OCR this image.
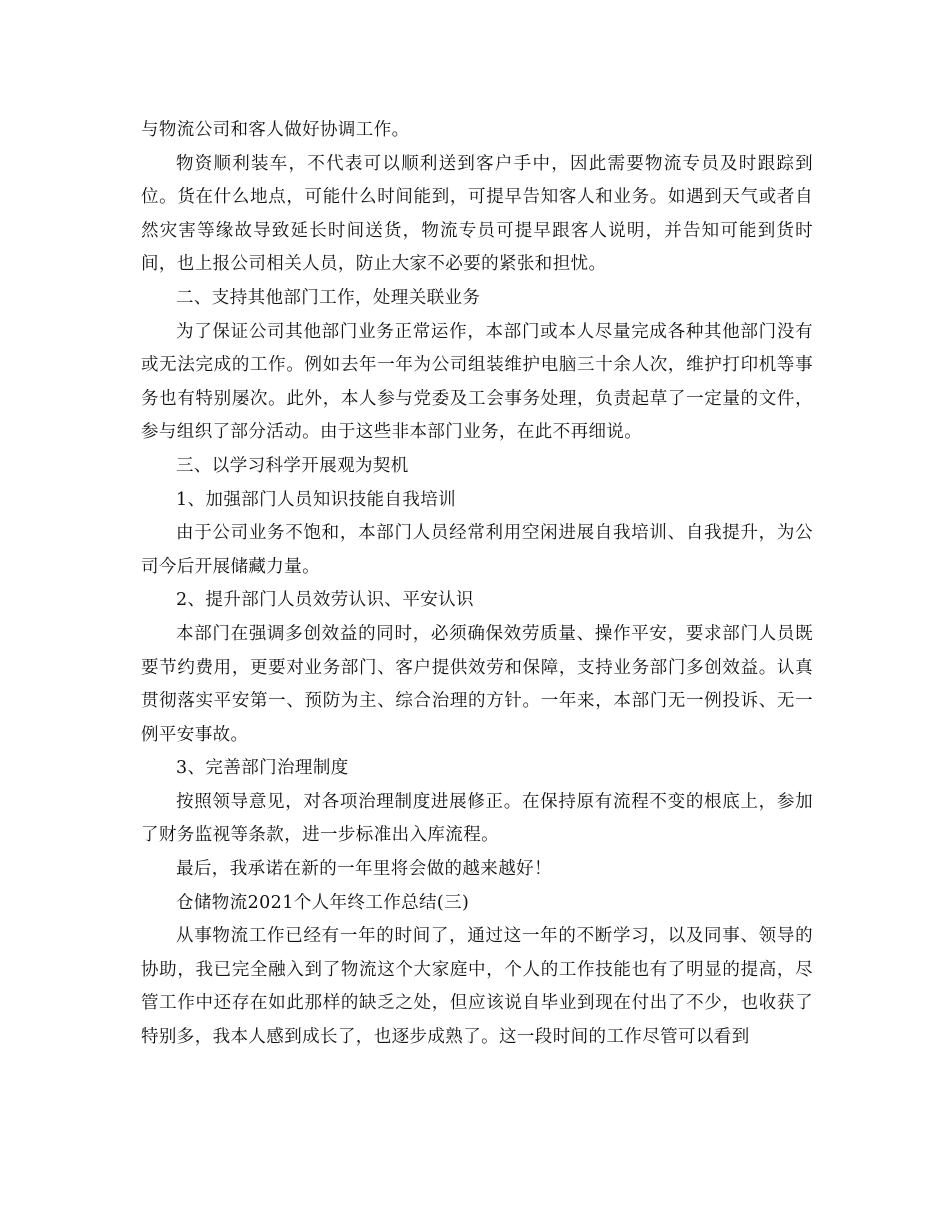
与物流公司和客人做好协调工作。

物资顺利装车，不代表可以顺利送到客户手中，因此需要物流专员及时跟踪到位。货在什么地点，可能什么时间能到，可提早告知客人和业务。如遇到天气或者自然灾害等缘故导致延长时间送货，物流专员可提早跟客人说明，并告知可能到货时间，也上报公司相关人员，防止大家不必要的紧张和担忧。

二、支持其他部门工作，处理关联业务

为了保证公司其他部门业务正常运作，本部门或本人尽量完成各种其他部门没有或无法完成的工作。例如去年一年为公司组装维护电脑三十余人次，维护打印机等事务也有特别屡次。此外，本人参与党委及工会事务处理，负责起草了一定量的文件，参与组织了部分活动。由于这些非本部门业务，在此不再细说。

三、以学习科学开展观为契机

1、加强部门人员知识技能自我培训

由于公司业务不饱和，本部门人员经常利用空闲进展自我培训、自我提升，为公司今后开展储藏力量。

2、提升部门人员效劳认识、平安认识

本部门在强调多创效益的同时，必须确保效劳质量、操作平安，要求部门人员既要节约费用，更要对业务部门、客户提供效劳和保障，支持业务部门多创效益。认真贯彻落实平安第一、预防为主、综合治理的方针。一年来，本部门无一例投诉、无一例平安事故。

3、完善部门治理制度

按照领导意见，对各项治理制度进展修正。在保持原有流程不变的根底上，参加了财务监视等条款，进一步标准出入库流程。

最后，我承诺在新的一年里将会做的越来越好！

仓储物流2021个人年终工作总结(三)

从事物流工作已经有一年的时间了，通过这一年的不断学习，以及同事、领导的协助，我已完全融入到了物流这个大家庭中，个人的工作技能也有了明显的提高，尽管工作中还存在如此那样的缺乏之处，但应该说自毕业到现在付出了不少，也收获了特别多，我本人感到成长了，也逐步成熟了。这一段时间的工作尽管可以看到
